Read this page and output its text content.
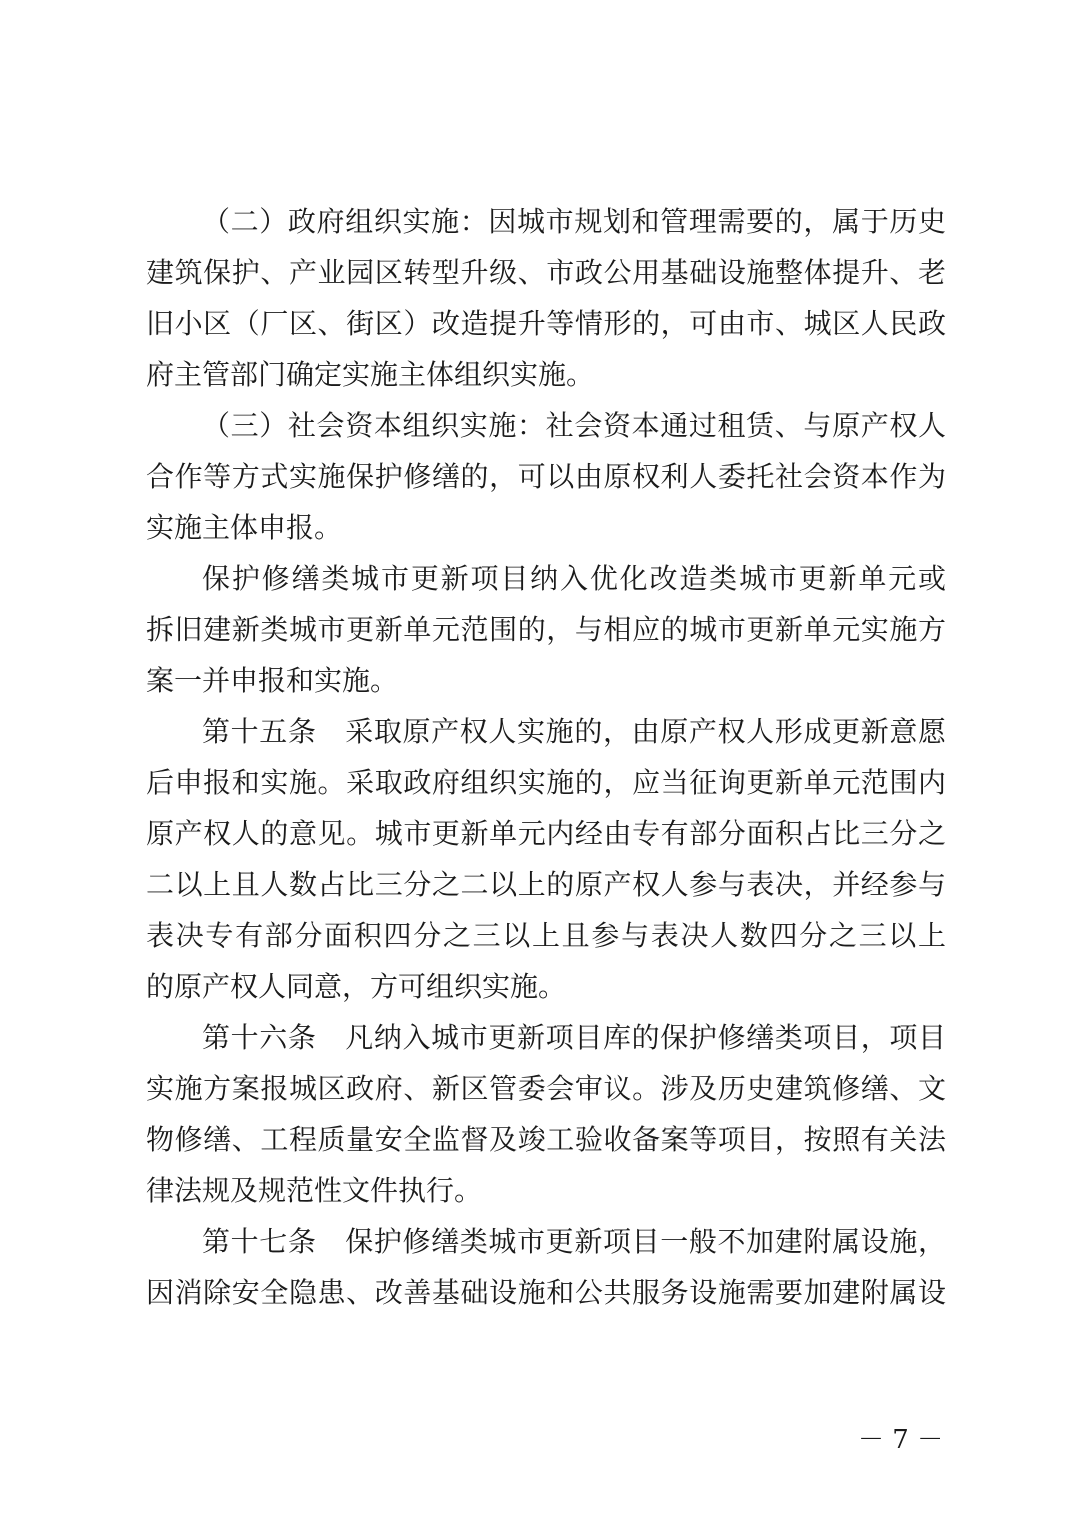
（二）政府组织实施：因城市规划和管理需要的，属于历史
建筑保护、产业园区转型升级、市政公用基础设施整体提升、老
旧小区（厂区、街区）改造提升等情形的，可由市、城区人民政
府主管部门确定实施主体组织实施。
（三）社会资本组织实施：社会资本通过租赁、与原产权人
合作等方式实施保护修缮的，可以由原权利人委托社会资本作为
实施主体申报。
保护修缮类城市更新项目纳入优化改造类城市更新单元或
拆旧建新类城市更新单元范围的，与相应的城市更新单元实施方
案一并申报和实施。
第十五条　采取原产权人实施的，由原产权人形成更新意愿
后申报和实施。采取政府组织实施的，应当征询更新单元范围内
原产权人的意见。城市更新单元内经由专有部分面积占比三分之
二以上且人数占比三分之二以上的原产权人参与表决，并经参与
表决专有部分面积四分之三以上且参与表决人数四分之三以上
的原产权人同意，方可组织实施。
第十六条　凡纳入城市更新项目库的保护修缮类项目，项目
实施方案报城区政府、新区管委会审议。涉及历史建筑修缮、文
物修缮、工程质量安全监督及竣工验收备案等项目，按照有关法
律法规及规范性文件执行。
第十七条　保护修缮类城市更新项目一般不加建附属设施，
因消除安全隐患、改善基础设施和公共服务设施需要加建附属设
－ 7 －
